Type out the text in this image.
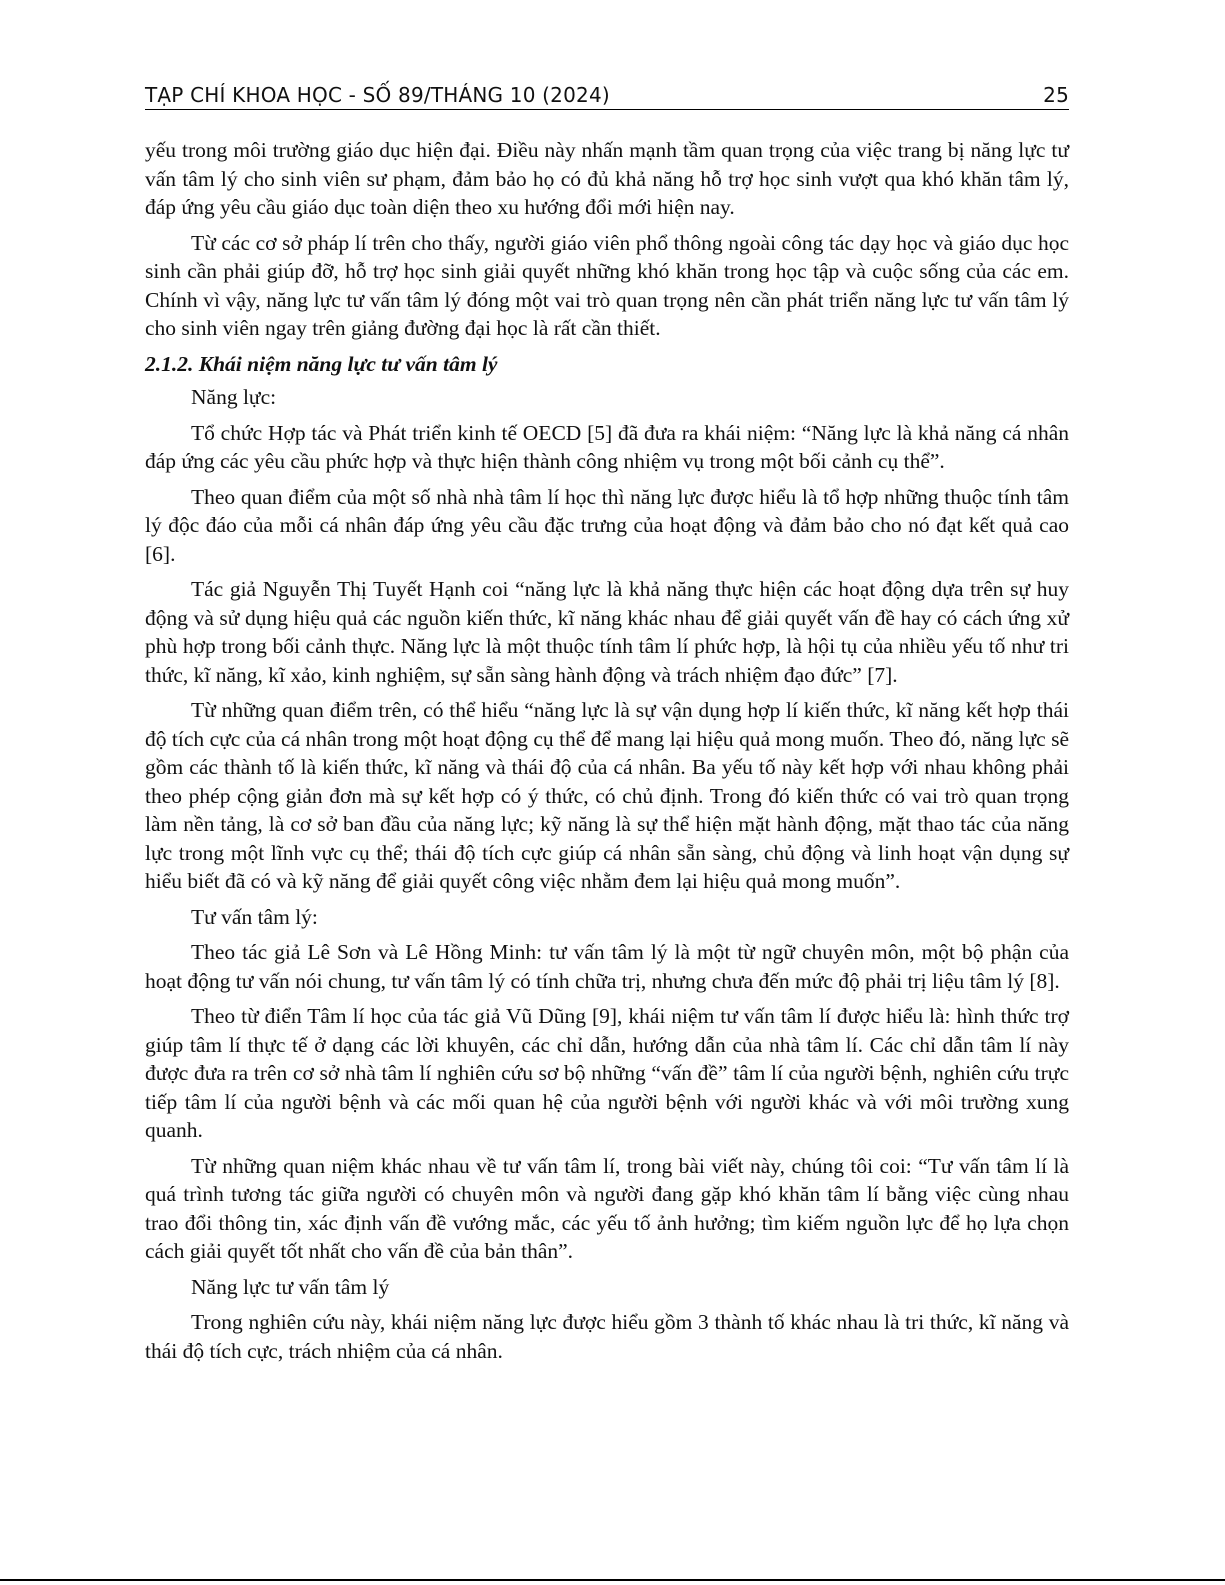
TẠP CHÍ KHOA HỌC - SỐ 89/THÁNG 10 (2024)	25

yếu trong môi trường giáo dục hiện đại. Điều này nhấn mạnh tầm quan trọng của việc trang bị năng lực tư vấn tâm lý cho sinh viên sư phạm, đảm bảo họ có đủ khả năng hỗ trợ học sinh vượt qua khó khăn tâm lý, đáp ứng yêu cầu giáo dục toàn diện theo xu hướng đổi mới hiện nay.

Từ các cơ sở pháp lí trên cho thấy, người giáo viên phổ thông ngoài công tác dạy học và giáo dục học sinh cần phải giúp đỡ, hỗ trợ học sinh giải quyết những khó khăn trong học tập và cuộc sống của các em. Chính vì vậy, năng lực tư vấn tâm lý đóng một vai trò quan trọng nên cần phát triển năng lực tư vấn tâm lý cho sinh viên ngay trên giảng đường đại học là rất cần thiết.

2.1.2. Khái niệm năng lực tư vấn tâm lý

Năng lực:

Tổ chức Hợp tác và Phát triển kinh tế OECD [5] đã đưa ra khái niệm: “Năng lực là khả năng cá nhân đáp ứng các yêu cầu phức hợp và thực hiện thành công nhiệm vụ trong một bối cảnh cụ thể”.

Theo quan điểm của một số nhà nhà tâm lí học thì năng lực được hiểu là tổ hợp những thuộc tính tâm lý độc đáo của mỗi cá nhân đáp ứng yêu cầu đặc trưng của hoạt động và đảm bảo cho nó đạt kết quả cao [6].

Tác giả Nguyễn Thị Tuyết Hạnh coi “năng lực là khả năng thực hiện các hoạt động dựa trên sự huy động và sử dụng hiệu quả các nguồn kiến thức, kĩ năng khác nhau để giải quyết vấn đề hay có cách ứng xử phù hợp trong bối cảnh thực. Năng lực là một thuộc tính tâm lí phức hợp, là hội tụ của nhiều yếu tố như tri thức, kĩ năng, kĩ xảo, kinh nghiệm, sự sẵn sàng hành động và trách nhiệm đạo đức” [7].

Từ những quan điểm trên, có thể hiểu “năng lực là sự vận dụng hợp lí kiến thức, kĩ năng kết hợp thái độ tích cực của cá nhân trong một hoạt động cụ thể để mang lại hiệu quả mong muốn. Theo đó, năng lực sẽ gồm các thành tố là kiến thức, kĩ năng và thái độ của cá nhân. Ba yếu tố này kết hợp với nhau không phải theo phép cộng giản đơn mà sự kết hợp có ý thức, có chủ định. Trong đó kiến thức có vai trò quan trọng làm nền tảng, là cơ sở ban đầu của năng lực; kỹ năng là sự thể hiện mặt hành động, mặt thao tác của năng lực trong một lĩnh vực cụ thể; thái độ tích cực giúp cá nhân sẵn sàng, chủ động và linh hoạt vận dụng sự hiểu biết đã có và kỹ năng để giải quyết công việc nhằm đem lại hiệu quả mong muốn”.

Tư vấn tâm lý:

Theo tác giả Lê Sơn và Lê Hồng Minh: tư vấn tâm lý là một từ ngữ chuyên môn, một bộ phận của hoạt động tư vấn nói chung, tư vấn tâm lý có tính chữa trị, nhưng chưa đến mức độ phải trị liệu tâm lý [8].

Theo từ điển Tâm lí học của tác giả Vũ Dũng [9], khái niệm tư vấn tâm lí được hiểu là: hình thức trợ giúp tâm lí thực tế ở dạng các lời khuyên, các chỉ dẫn, hướng dẫn của nhà tâm lí. Các chỉ dẫn tâm lí này được đưa ra trên cơ sở nhà tâm lí nghiên cứu sơ bộ những “vấn đề” tâm lí của người bệnh, nghiên cứu trực tiếp tâm lí của người bệnh và các mối quan hệ của người bệnh với người khác và với môi trường xung quanh.

Từ những quan niệm khác nhau về tư vấn tâm lí, trong bài viết này, chúng tôi coi: “Tư vấn tâm lí là quá trình tương tác giữa người có chuyên môn và người đang gặp khó khăn tâm lí bằng việc cùng nhau trao đổi thông tin, xác định vấn đề vướng mắc, các yếu tố ảnh hưởng; tìm kiếm nguồn lực để họ lựa chọn cách giải quyết tốt nhất cho vấn đề của bản thân”.

Năng lực tư vấn tâm lý

Trong nghiên cứu này, khái niệm năng lực được hiểu gồm 3 thành tố khác nhau là tri thức, kĩ năng và thái độ tích cực, trách nhiệm của cá nhân.
